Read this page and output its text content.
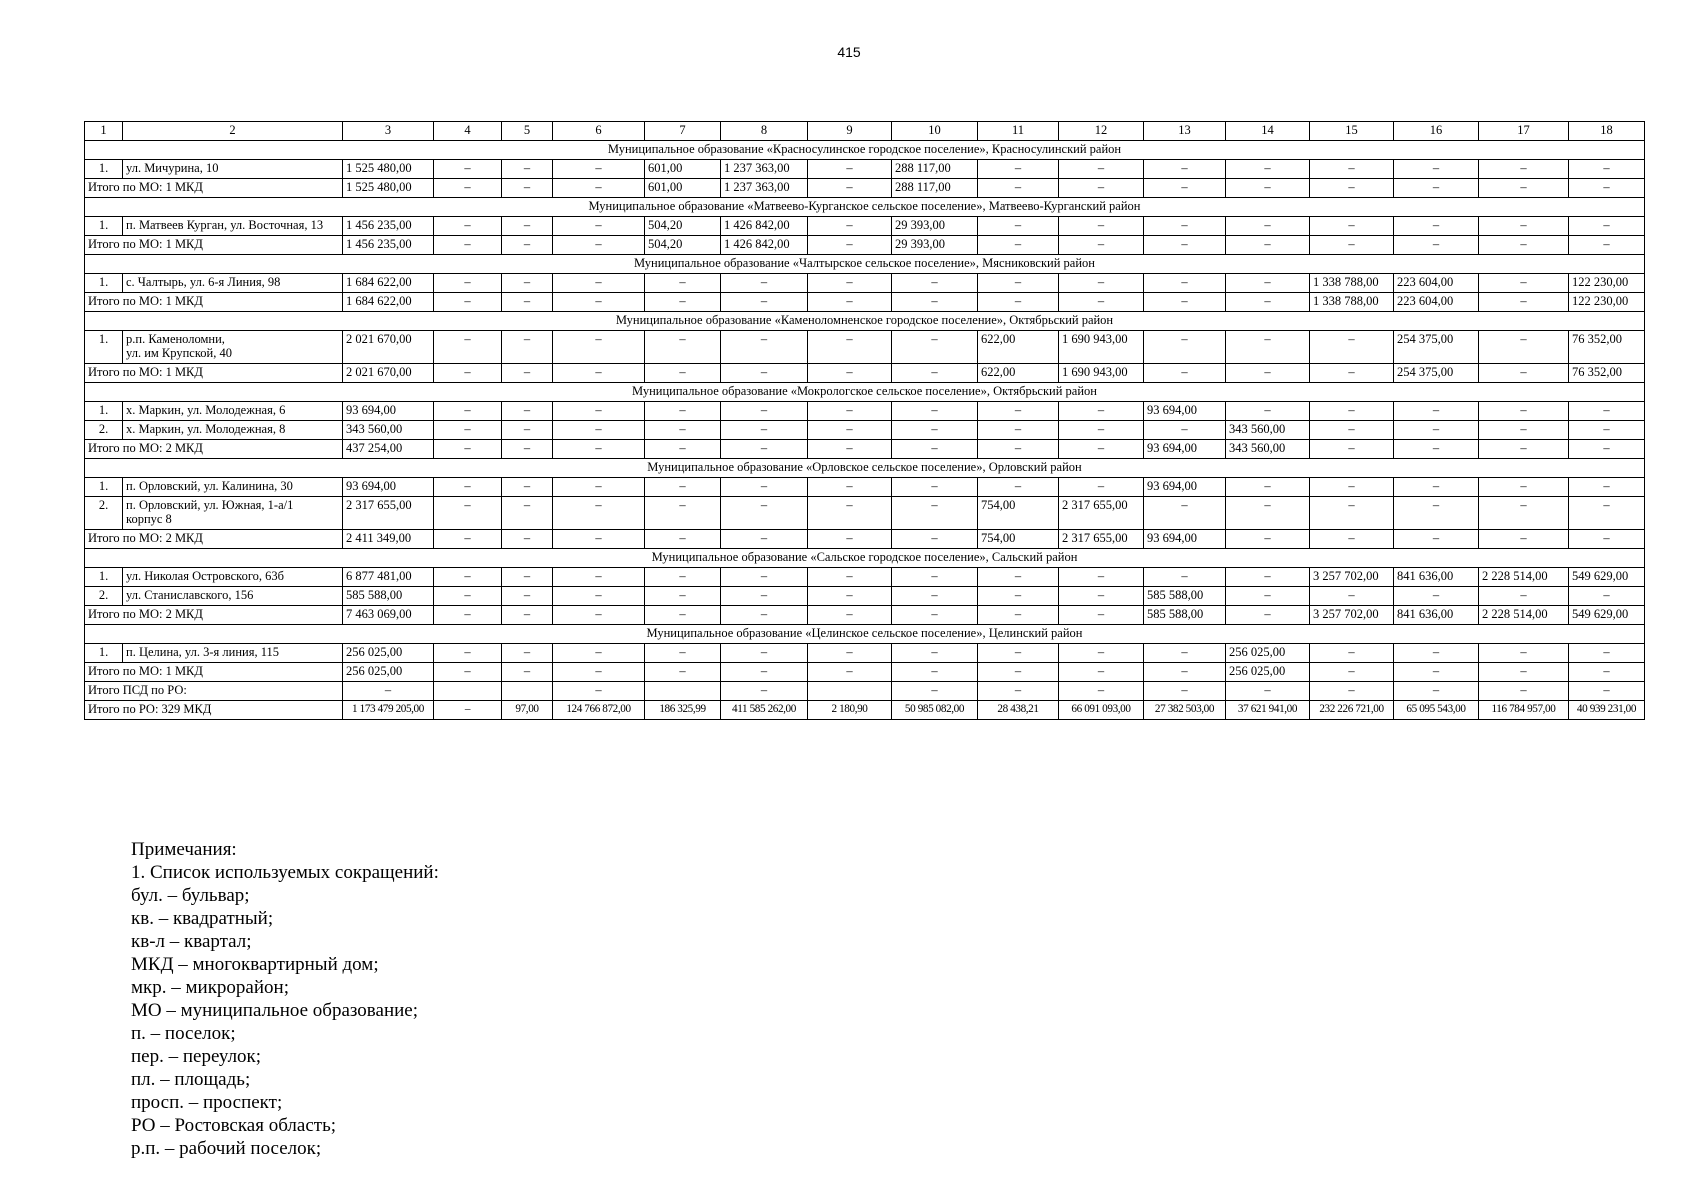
415
1	2	3	4	5	6	7	8	9	10	11	12	13	14	15	16	17	18
Муниципальное образование «Красносулинское городское поселение», Красносулинский район																	
1.	ул. Мичурина, 10	1 525 480,00	–	–	–	601,00	1 237 363,00	–	288 117,00	–	–	–	–	–	–	–	–
Итого по МО: 1 МКД		1 525 480,00	–	–	–	601,00	1 237 363,00	–	288 117,00	–	–	–	–	–	–	–	–
Муниципальное образование «Матвеево-Курганское сельское поселение», Матвеево-Курганский район																	
1.	п. Матвеев Курган, ул. Восточная, 13	1 456 235,00	–	–	–	504,20	1 426 842,00	–	29 393,00	–	–	–	–	–	–	–	–
Итого по МО: 1 МКД		1 456 235,00	–	–	–	504,20	1 426 842,00	–	29 393,00	–	–	–	–	–	–	–	–
Муниципальное образование «Чалтырское сельское поселение», Мясниковский район																	
1.	с. Чалтырь, ул. 6-я Линия, 98	1 684 622,00	–	–	–	–	–	–	–	–	–	–	–	1 338 788,00	223 604,00	–	122 230,00
Итого по МО: 1 МКД		1 684 622,00	–	–	–	–	–	–	–	–	–	–	–	1 338 788,00	223 604,00	–	122 230,00
Муниципальное образование «Каменоломненское городское поселение», Октябрьский район																	
1.	р.п. Каменоломни,
ул. им Крупской, 40	2 021 670,00	–	–	–	–	–	–	–	622,00	1 690 943,00	–	–	–	254 375,00	–	76 352,00
Итого по МО: 1 МКД		2 021 670,00	–	–	–	–	–	–	–	622,00	1 690 943,00	–	–	–	254 375,00	–	76 352,00
Муниципальное образование «Мокрологское сельское поселение», Октябрьский район																	
1.	х. Маркин, ул. Молодежная, 6	93 694,00	–	–	–	–	–	–	–	–	–	93 694,00	–	–	–	–	–
2.	х. Маркин, ул. Молодежная, 8	343 560,00	–	–	–	–	–	–	–	–	–	–	343 560,00	–	–	–	–
Итого по МО: 2 МКД		437 254,00	–	–	–	–	–	–	–	–	–	93 694,00	343 560,00	–	–	–	–
Муниципальное образование «Орловское сельское поселение», Орловский район																	
1.	п. Орловский, ул. Калинина, 30	93 694,00	–	–	–	–	–	–	–	–	–	93 694,00	–	–	–	–	–
2.	п. Орловский, ул. Южная, 1-а/1
корпус 8	2 317 655,00	–	–	–	–	–	–	–	754,00	2 317 655,00	–	–	–	–	–	–
Итого по МО: 2 МКД		2 411 349,00	–	–	–	–	–	–	–	754,00	2 317 655,00	93 694,00	–	–	–	–	–
Муниципальное образование «Сальское городское поселение», Сальский район																	
1.	ул. Николая Островского, 63б	6 877 481,00	–	–	–	–	–	–	–	–	–	–	–	3 257 702,00	841 636,00	2 228 514,00	549 629,00
2.	ул. Станиславского, 156	585 588,00	–	–	–	–	–	–	–	–	–	585 588,00	–	–	–	–	–
Итого по МО: 2 МКД		7 463 069,00	–	–	–	–	–	–	–	–	–	585 588,00	–	3 257 702,00	841 636,00	2 228 514,00	549 629,00
Муниципальное образование «Целинское сельское поселение», Целинский район																	
1.	п. Целина, ул. 3-я линия, 115	256 025,00	–	–	–	–	–	–	–	–	–	–	256 025,00	–	–	–	–
Итого по МО: 1 МКД		256 025,00	–	–	–	–	–	–	–	–	–	–	256 025,00	–	–	–	–
Итого ПСД по РО:		–			–		–		–	–	–	–	–	–	–	–	–
Итого по РО: 329 МКД		1 173 479 205,00	–	97,00	124 766 872,00	186 325,99	411 585 262,00	2 180,90	50 985 082,00	28 438,21	66 091 093,00	27 382 503,00	37 621 941,00	232 226 721,00	65 095 543,00	116 784 957,00	40 939 231,00
Примечания:
1. Список используемых сокращений:
бул. – бульвар;
кв. – квадратный;
кв-л – квартал;
МКД – многоквартирный дом;
мкр. – микрорайон;
МО – муниципальное образование;
п. – поселок;
пер. – переулок;
пл. – площадь;
просп. – проспект;
РО – Ростовская область;
р.п. – рабочий поселок;
